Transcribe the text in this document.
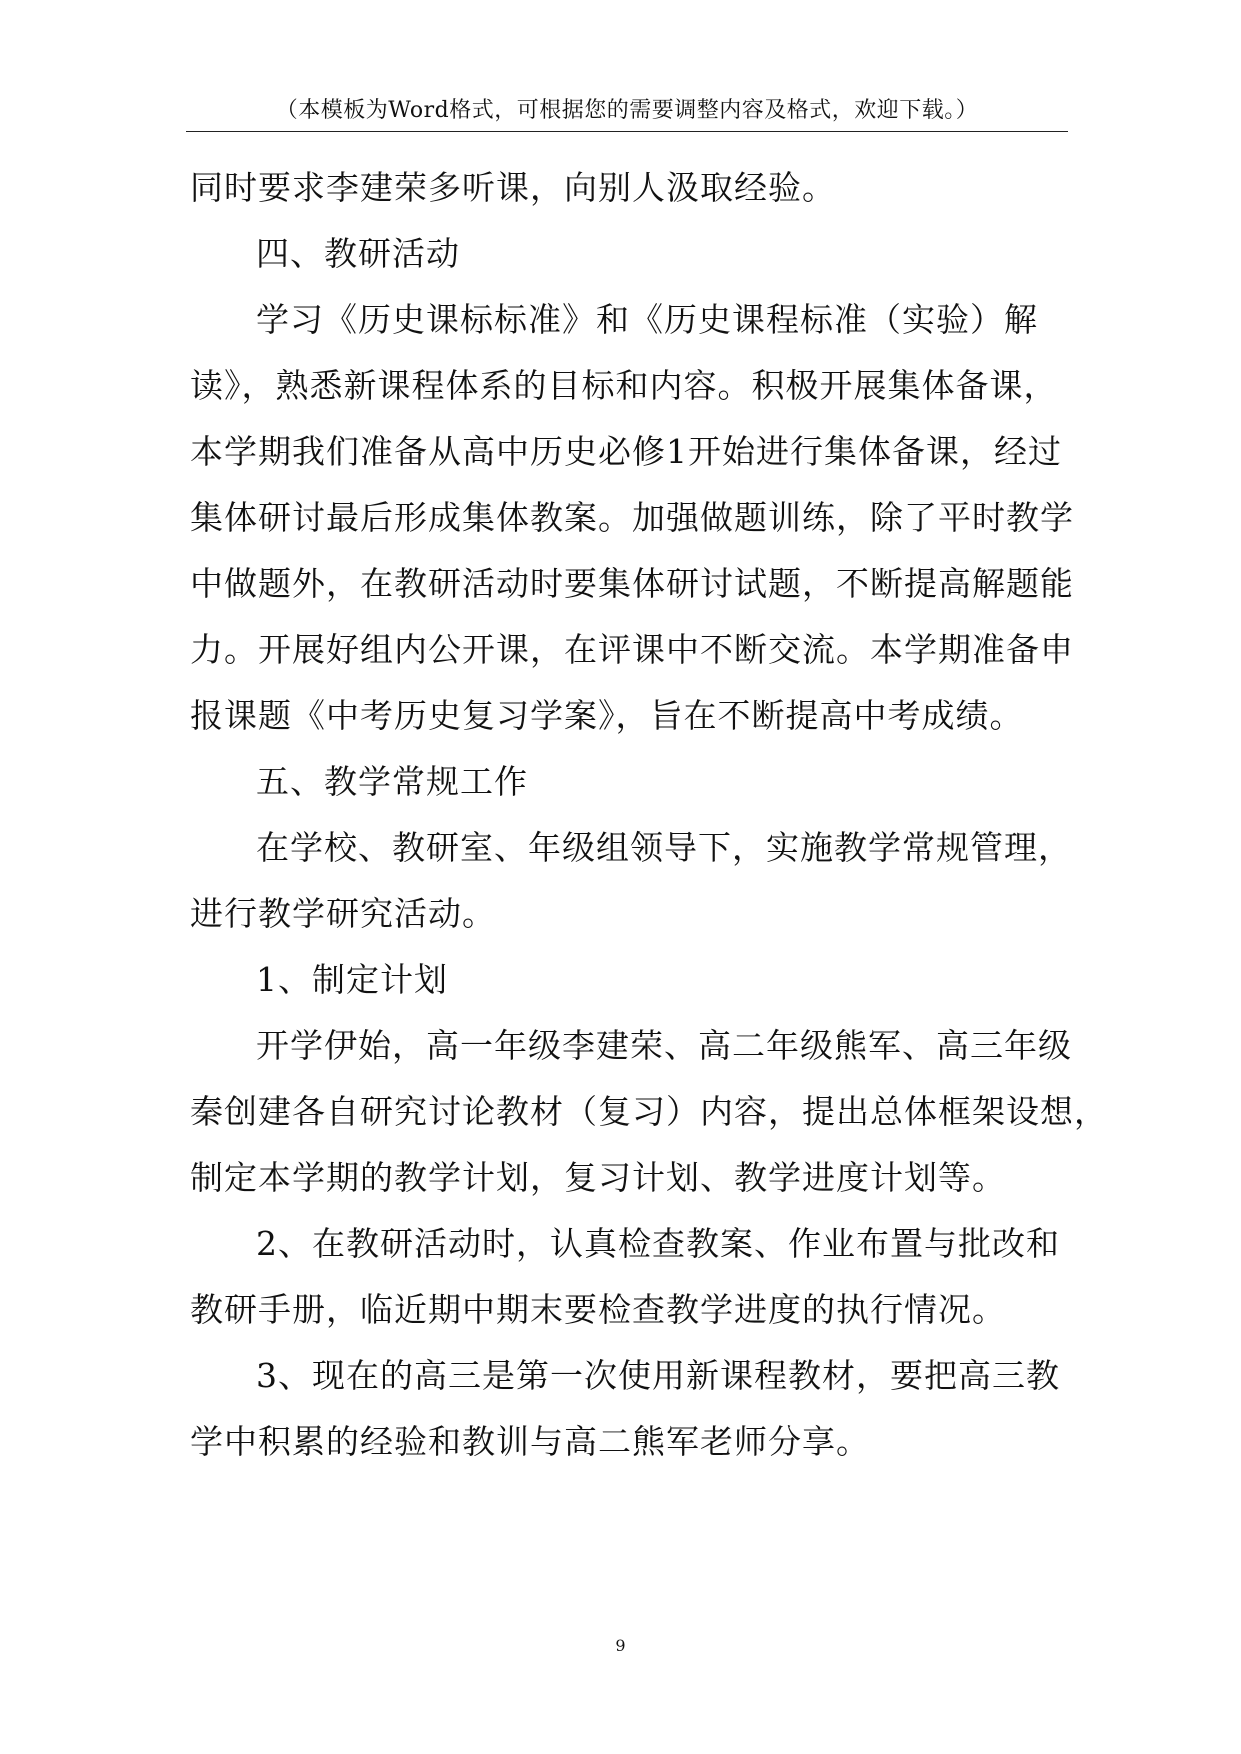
（本模板为Word格式，可根据您的需要调整内容及格式，欢迎下载。）
同时要求李建荣多听课，向别人汲取经验。
四、教研活动
学习《历史课标标准》和《历史课程标准（实验）解
读》，熟悉新课程体系的目标和内容。积极开展集体备课，
本学期我们准备从高中历史必修1开始进行集体备课，经过
集体研讨最后形成集体教案。加强做题训练，除了平时教学
中做题外，在教研活动时要集体研讨试题，不断提高解题能
力。开展好组内公开课，在评课中不断交流。本学期准备申
报课题《中考历史复习学案》，旨在不断提高中考成绩。
五、教学常规工作
在学校、教研室、年级组领导下，实施教学常规管理，
进行教学研究活动。
1、制定计划
开学伊始，高一年级李建荣、高二年级熊军、高三年级
秦创建各自研究讨论教材（复习）内容，提出总体框架设想，
制定本学期的教学计划，复习计划、教学进度计划等。
2、在教研活动时，认真检查教案、作业布置与批改和
教研手册，临近期中期末要检查教学进度的执行情况。
3、现在的高三是第一次使用新课程教材，要把高三教
学中积累的经验和教训与高二熊军老师分享。
9
